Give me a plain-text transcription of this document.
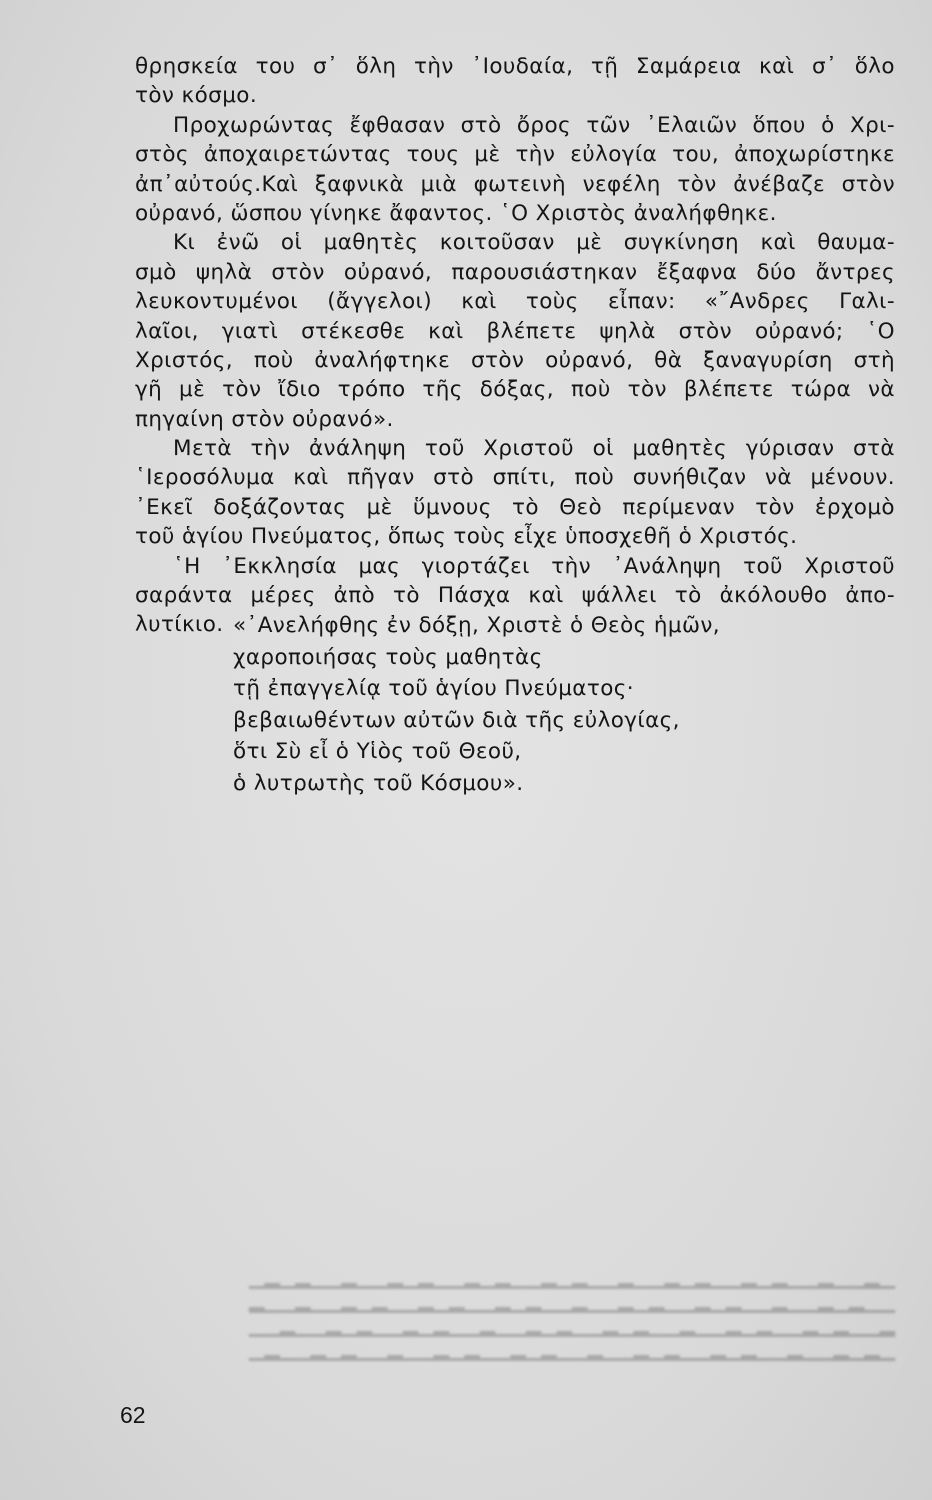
θρησκεία του σ᾽ ὅλη τὴν ᾽Ιουδαία, τῇ Σαμάρεια καὶ σ᾽ ὅλο
τὸν κόσμο.
Προχωρώντας ἔφθασαν στὸ ὄρος τῶν ᾽Ελαιῶν ὅπου ὁ Χρι-
στὸς ἀποχαιρετώντας τους μὲ τὴν εὐλογία του, ἀποχωρίστηκε
ἀπ᾽αὐτούς.Καὶ ξαφνικὰ μιὰ φωτεινὴ νεφέλη τὸν ἀνέβαζε στὸν
οὐρανό, ὥσπου γίνηκε ἄφαντος. ῾Ο Χριστὸς ἀναλήφθηκε.
Κι ἐνῶ οἱ μαθητὲς κοιτοῦσαν μὲ συγκίνηση καὶ θαυμα-
σμὸ ψηλὰ στὸν οὐρανό, παρουσιάστηκαν ἔξαφνα δύο ἄντρες
λευκοντυμένοι (ἄγγελοι) καὶ τοὺς εἶπαν: «῎Ανδρες Γαλι-
λαῖοι, γιατὶ στέκεσθε καὶ βλέπετε ψηλὰ στὸν οὐρανό; ῾Ο
Χριστός, ποὺ ἀναλήφτηκε στὸν οὐρανό, θὰ ξαναγυρίση στὴ
γῆ μὲ τὸν ἴδιο τρόπο τῆς δόξας, ποὺ τὸν βλέπετε τώρα νὰ
πηγαίνη στὸν οὐρανό».
Μετὰ τὴν ἀνάληψη τοῦ Χριστοῦ οἱ μαθητὲς γύρισαν στὰ
῾Ιεροσόλυμα καὶ πῆγαν στὸ σπίτι, ποὺ συνήθιζαν νὰ μένουν.
᾽Εκεῖ δοξάζοντας μὲ ὕμνους τὸ Θεὸ περίμεναν τὸν ἐρχομὸ
τοῦ ἁγίου Πνεύματος, ὅπως τοὺς εἶχε ὑποσχεθῆ ὁ Χριστός.
῾Η ᾽Εκκλησία μας γιορτάζει τὴν ᾽Ανάληψη τοῦ Χριστοῦ
σαράντα μέρες ἀπὸ τὸ Πάσχα καὶ ψάλλει τὸ ἀκόλουθο ἀπο-
λυτίκιο. «᾽Ανελήφθης ἐν δόξῃ, Χριστὲ ὁ Θεὸς ἡμῶν,
χαροποιήσας τοὺς μαθητὰς
τῇ ἐπαγγελίᾳ τοῦ ἁγίου Πνεύματος·
βεβαιωθέντων αὐτῶν διὰ τῆς εὐλογίας,
ὅτι Σὺ εἶ ὁ Υἱὸς τοῦ Θεοῦ,
ὁ λυτρωτὴς τοῦ Κόσμου».
▁▂▁▁▂▁▁▂▁▂▁▁▂▁▂▁▁▂▁▁▂▁▂▁▁▂▁▂▁▁▂▁▂▁▁▂▁▁▂▁▂▁
▁▁▂▁▂▁▁▂▁▁▂▁▂▁▁▂▁▂▁▁▂▁▁▂▁▂▁▁▂▁▂▁▁▂▁▂▁▁▂▁▁▂
▂▁▁▂▁▂▁▁▂▁▂▁▁▂▁▁▂▁▂▁▁▂▁▂▁▁▂▁▁▂▁▂▁▁▂▁▂▁▁▂▁▁
▁▂▁▂▁▁▂▁▁▂▁▂▁▁▂▁▂▁▁▂▁▁▂▁▂▁▁▂▁▂▁▁▂▁▁▂▁▂▁▁▂▁
62
